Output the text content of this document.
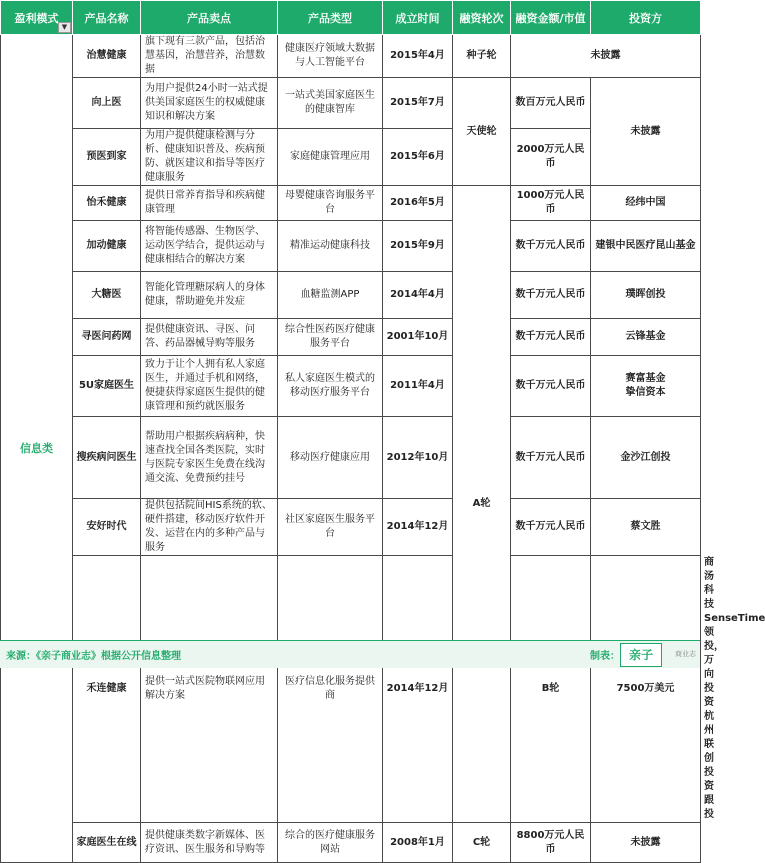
盈利模式
▼	产品名称	产品卖点	产品类型	成立时间	融资轮次	融资金额/市值	投资方	
信息类	治慧健康	旗下现有三款产品，包括治慧基因，治慧营养，治慧数据	健康医疗领域大数据与人工智能平台	2015年4月	种子轮	未披露		
	向上医	为用户提供24小时一站式提供美国家庭医生的权威健康知识和解决方案	一站式美国家庭医生的健康智库	2015年7月	天使轮	数百万元人民币	未披露	
	预医到家	为用户提供健康检测与分析、健康知识普及、疾病预防、就医建议和指导等医疗健康服务	家庭健康管理应用	2015年6月		2000万元人民币		
	怡禾健康	提供日常养育指导和疾病健康管理	母婴健康咨询服务平台	2016年5月	A轮	1000万元人民币	经纬中国	
	加动健康	将智能传感器、生物医学、运动医学结合，提供运动与健康相结合的解决方案	精准运动健康科技	2015年9月		数千万元人民币	建银中民医疗昆山基金	
	大糖医	智能化管理糖尿病人的身体健康，帮助避免并发症	血糖监测APP	2014年4月		数千万元人民币	璞晖创投	
	寻医问药网	提供健康资讯、寻医、问答、药品器械导购等服务	综合性医药医疗健康服务平台	2001年10月		数千万元人民币	云锋基金	
	5U家庭医生	致力于让个人拥有私人家庭医生，并通过手机和网络，便捷获得家庭医生提供的健康管理和预约就医服务	私人家庭医生模式的移动医疗服务平台	2011年4月		数千万元人民币	赛富基金
挚信资本	
	搜疾病问医生	帮助用户根据疾病病种，快速查找全国各类医院，实时与医院专家医生免费在线沟通交流、免费预约挂号	移动医疗健康应用	2012年10月		数千万元人民币	金沙江创投	
	安好时代	提供包括院间HIS系统的软、硬件搭建，移动医疗软件开发、运营在内的多种产品与服务	社区家庭医生服务平台	2014年12月		数千万元人民币	蔡文胜	
	禾连健康	提供一站式医院物联网应用解决方案	医疗信息化服务提供商	2014年12月		B轮	7500万美元	商汤科技SenseTime
领投，万向投资
杭州联创投资跟投
	家庭医生在线	提供健康类数字新媒体、医疗资讯、医生服务和导购等	综合的医疗健康服务网站	2008年1月	C轮	8800万元人民币	未披露	
来源：《亲子商业志》根据公开信息整理	制表： 亲子	商业志
